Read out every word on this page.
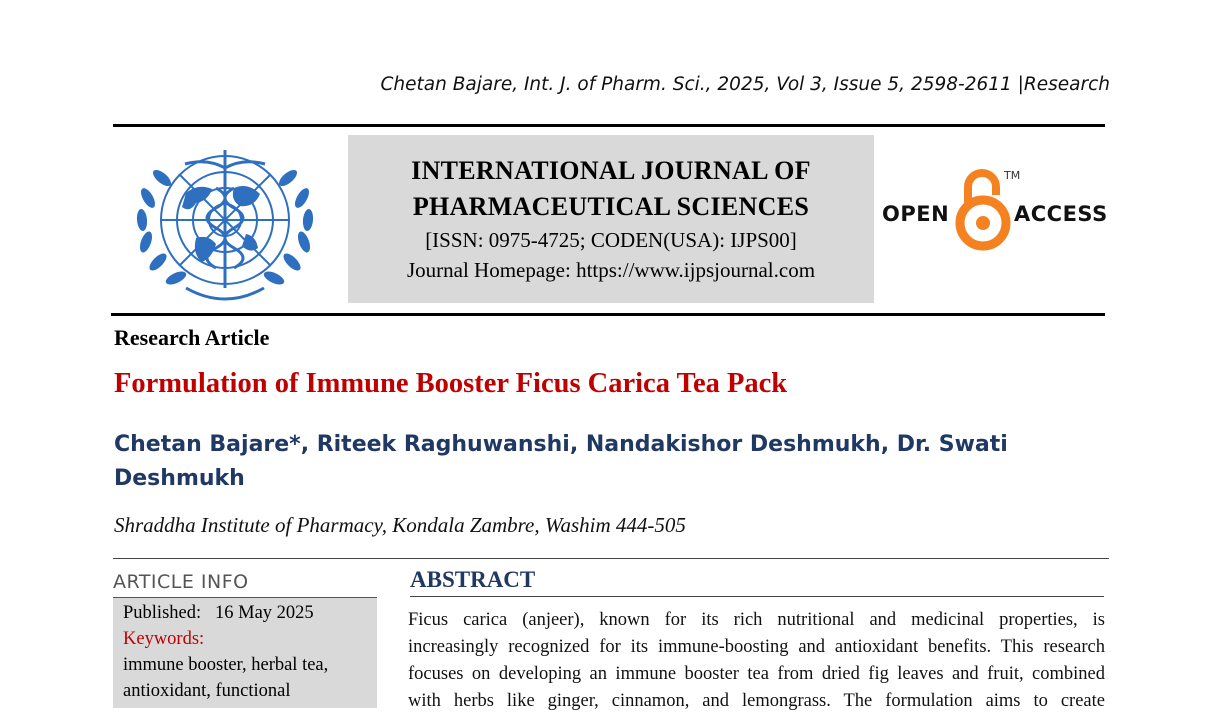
Chetan Bajare, Int. J. of Pharm. Sci., 2025, Vol 3, Issue 5, 2598-2611 |Research
INTERNATIONAL JOURNAL OF
PHARMACEUTICAL SCIENCES
[ISSN: 0975-4725; CODEN(USA): IJPS00]
Journal Homepage: https://www.ijpsjournal.com
OPEN
TM
ACCESS
Research Article
Formulation of Immune Booster Ficus Carica Tea Pack
Chetan Bajare*, Riteek Raghuwanshi, Nandakishor Deshmukh, Dr. Swati
Deshmukh
Shraddha Institute of Pharmacy, Kondala Zambre, Washim 444-505
ARTICLE INFO
Published: 16 May 2025
Keywords:
immune booster, herbal tea,
antioxidant, functional
ABSTRACT
Ficus carica (anjeer), known for its rich nutritional and medicinal properties, is
increasingly recognized for its immune-boosting and antioxidant benefits. This research
focuses on developing an immune booster tea from dried fig leaves and fruit, combined
with herbs like ginger, cinnamon, and lemongrass. The formulation aims to create
